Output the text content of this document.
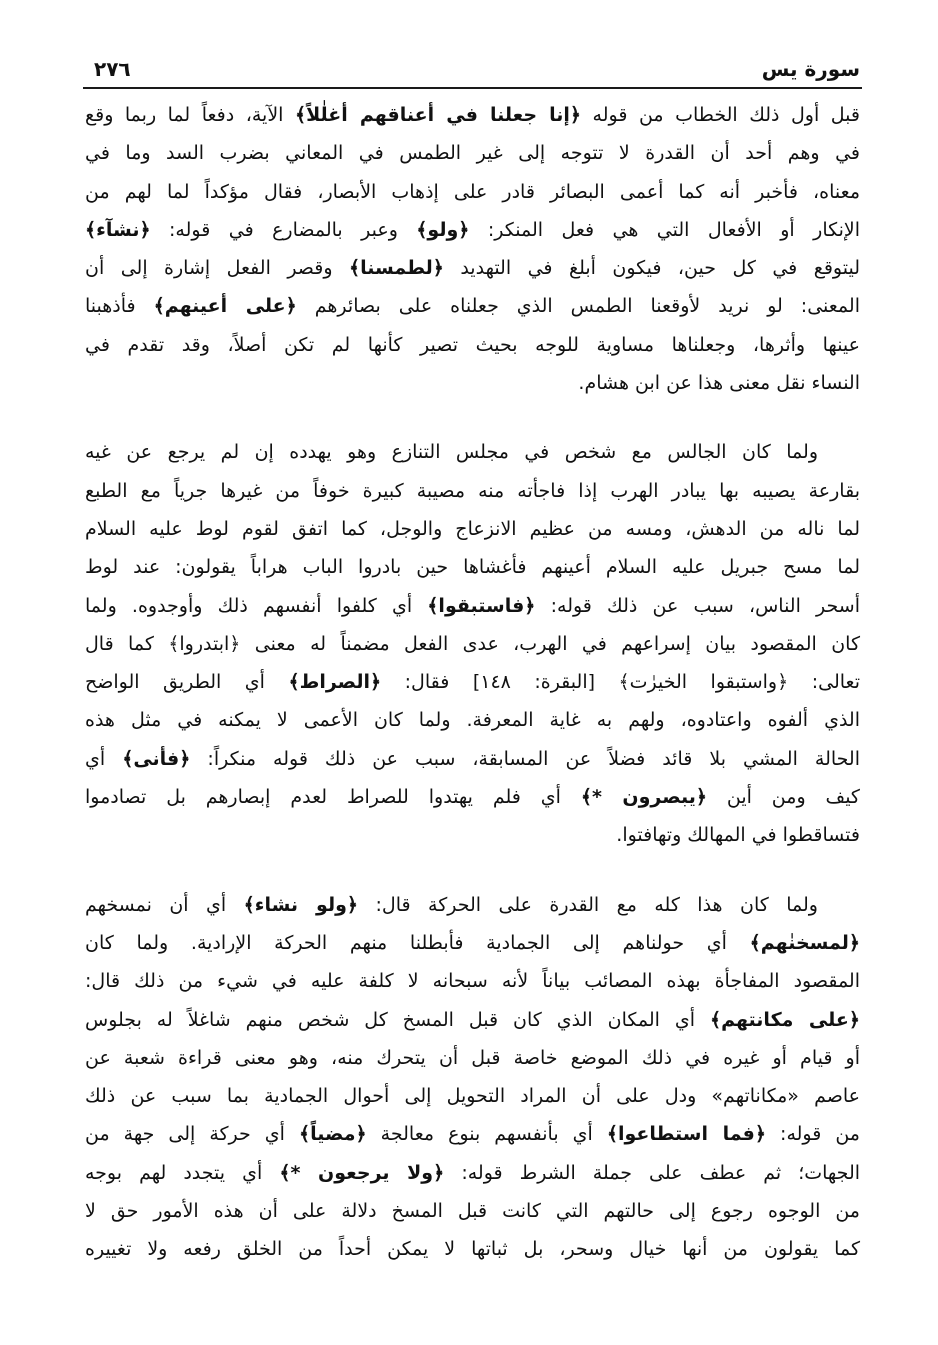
٢٧٦	سورة يس
قبل أول ذلك الخطاب من قوله ﴿إنا جعلنا في أعناقهم أغلٰلاً﴾ الآية، دفعاً لما ربما وقع
في وهم أحد أن القدرة لا تتوجه إلى غير الطمس في المعاني بضرب السد وما في
معناه، فأخبر أنه كما أعمى البصائر قادر على إذهاب الأبصار، فقال مؤكداً لما لهم من
الإنكار أو الأفعال التي هي فعل المنكر: ﴿ولو﴾ وعبر بالمضارع في قوله: ﴿نشآء﴾
ليتوقع في كل حين، فيكون أبلغ في التهديد ﴿لطمسنا﴾ وقصر الفعل إشارة إلى أن
المعنى: لو نريد لأوقعنا الطمس الذي جعلناه على بصائرهم ﴿على أعينهم﴾ فأذهبنا
عينها وأثرها، وجعلناها مساوية للوجه بحيث تصير كأنها لم تكن أصلاً، وقد تقدم في
النساء نقل معنى هذا عن ابن هشام.
ولما كان الجالس مع شخص في مجلس التنازع وهو يهدده إن لم يرجع عن غيه
بقارعة يصيبه بها يبادر الهرب إذا فاجأته منه مصيبة كبيرة خوفاً من غيرها جرياً مع الطبع
لما ناله من الدهش، ومسه من عظيم الانزعاج والوجل، كما اتفق لقوم لوط عليه السلام
لما مسح جبريل عليه السلام أعينهم فأغشاها حين بادروا الباب هراباً يقولون: عند لوط
أسحر الناس، سبب عن ذلك قوله: ﴿فاستبقوا﴾ أي كلفوا أنفسهم ذلك وأوجدوه. ولما
كان المقصود بيان إسراعهم في الهرب، عدى الفعل مضمناً له معنى ﴿ابتدروا﴾ كما قال
تعالى: ﴿واستبقوا الخيرٰت﴾ [البقرة: ١٤٨] فقال: ﴿الصراط﴾ أي الطريق الواضح
الذي ألفوه واعتادوه، ولهم به غاية المعرفة. ولما كان الأعمى لا يمكنه في مثل هذه
الحالة المشي بلا قائد فضلاً عن المسابقة، سبب عن ذلك قوله منكراً: ﴿فأنى﴾ أي
كيف ومن أين ﴿يبصرون *﴾ أي فلم يهتدوا للصراط لعدم إبصارهم بل تصادموا
فتساقطوا في المهالك وتهافتوا.
ولما كان هذا كله مع القدرة على الحركة قال: ﴿ولو نشاء﴾ أي أن نمسخهم
﴿لمسخنٰهم﴾ أي حولناهم إلى الجمادية فأبطلنا منهم الحركة الإرادية. ولما كان
المقصود المفاجأة بهذه المصائب بياناً لأنه سبحانه لا كلفة عليه في شيء من ذلك قال:
﴿على مكانتهم﴾ أي المكان الذي كان قبل المسخ كل شخص منهم شاغلاً له بجلوس
أو قيام أو غيره في ذلك الموضع خاصة قبل أن يتحرك منه، وهو معنى قراءة شعبة عن
عاصم «مكاناتهم» ودل على أن المراد التحويل إلى أحوال الجمادية بما سبب عن ذلك
من قوله: ﴿فما استطاعوا﴾ أي بأنفسهم بنوع معالجة ﴿مضياً﴾ أي حركة إلى جهة من
الجهات؛ ثم عطف على جملة الشرط قوله: ﴿ولا يرجعون *﴾ أي يتجدد لهم بوجه
من الوجوه رجوع إلى حالتهم التي كانت قبل المسخ دلالة على أن هذه الأمور حق لا
كما يقولون من أنها خيال وسحر، بل ثباتها لا يمكن أحداً من الخلق رفعه ولا تغييره
